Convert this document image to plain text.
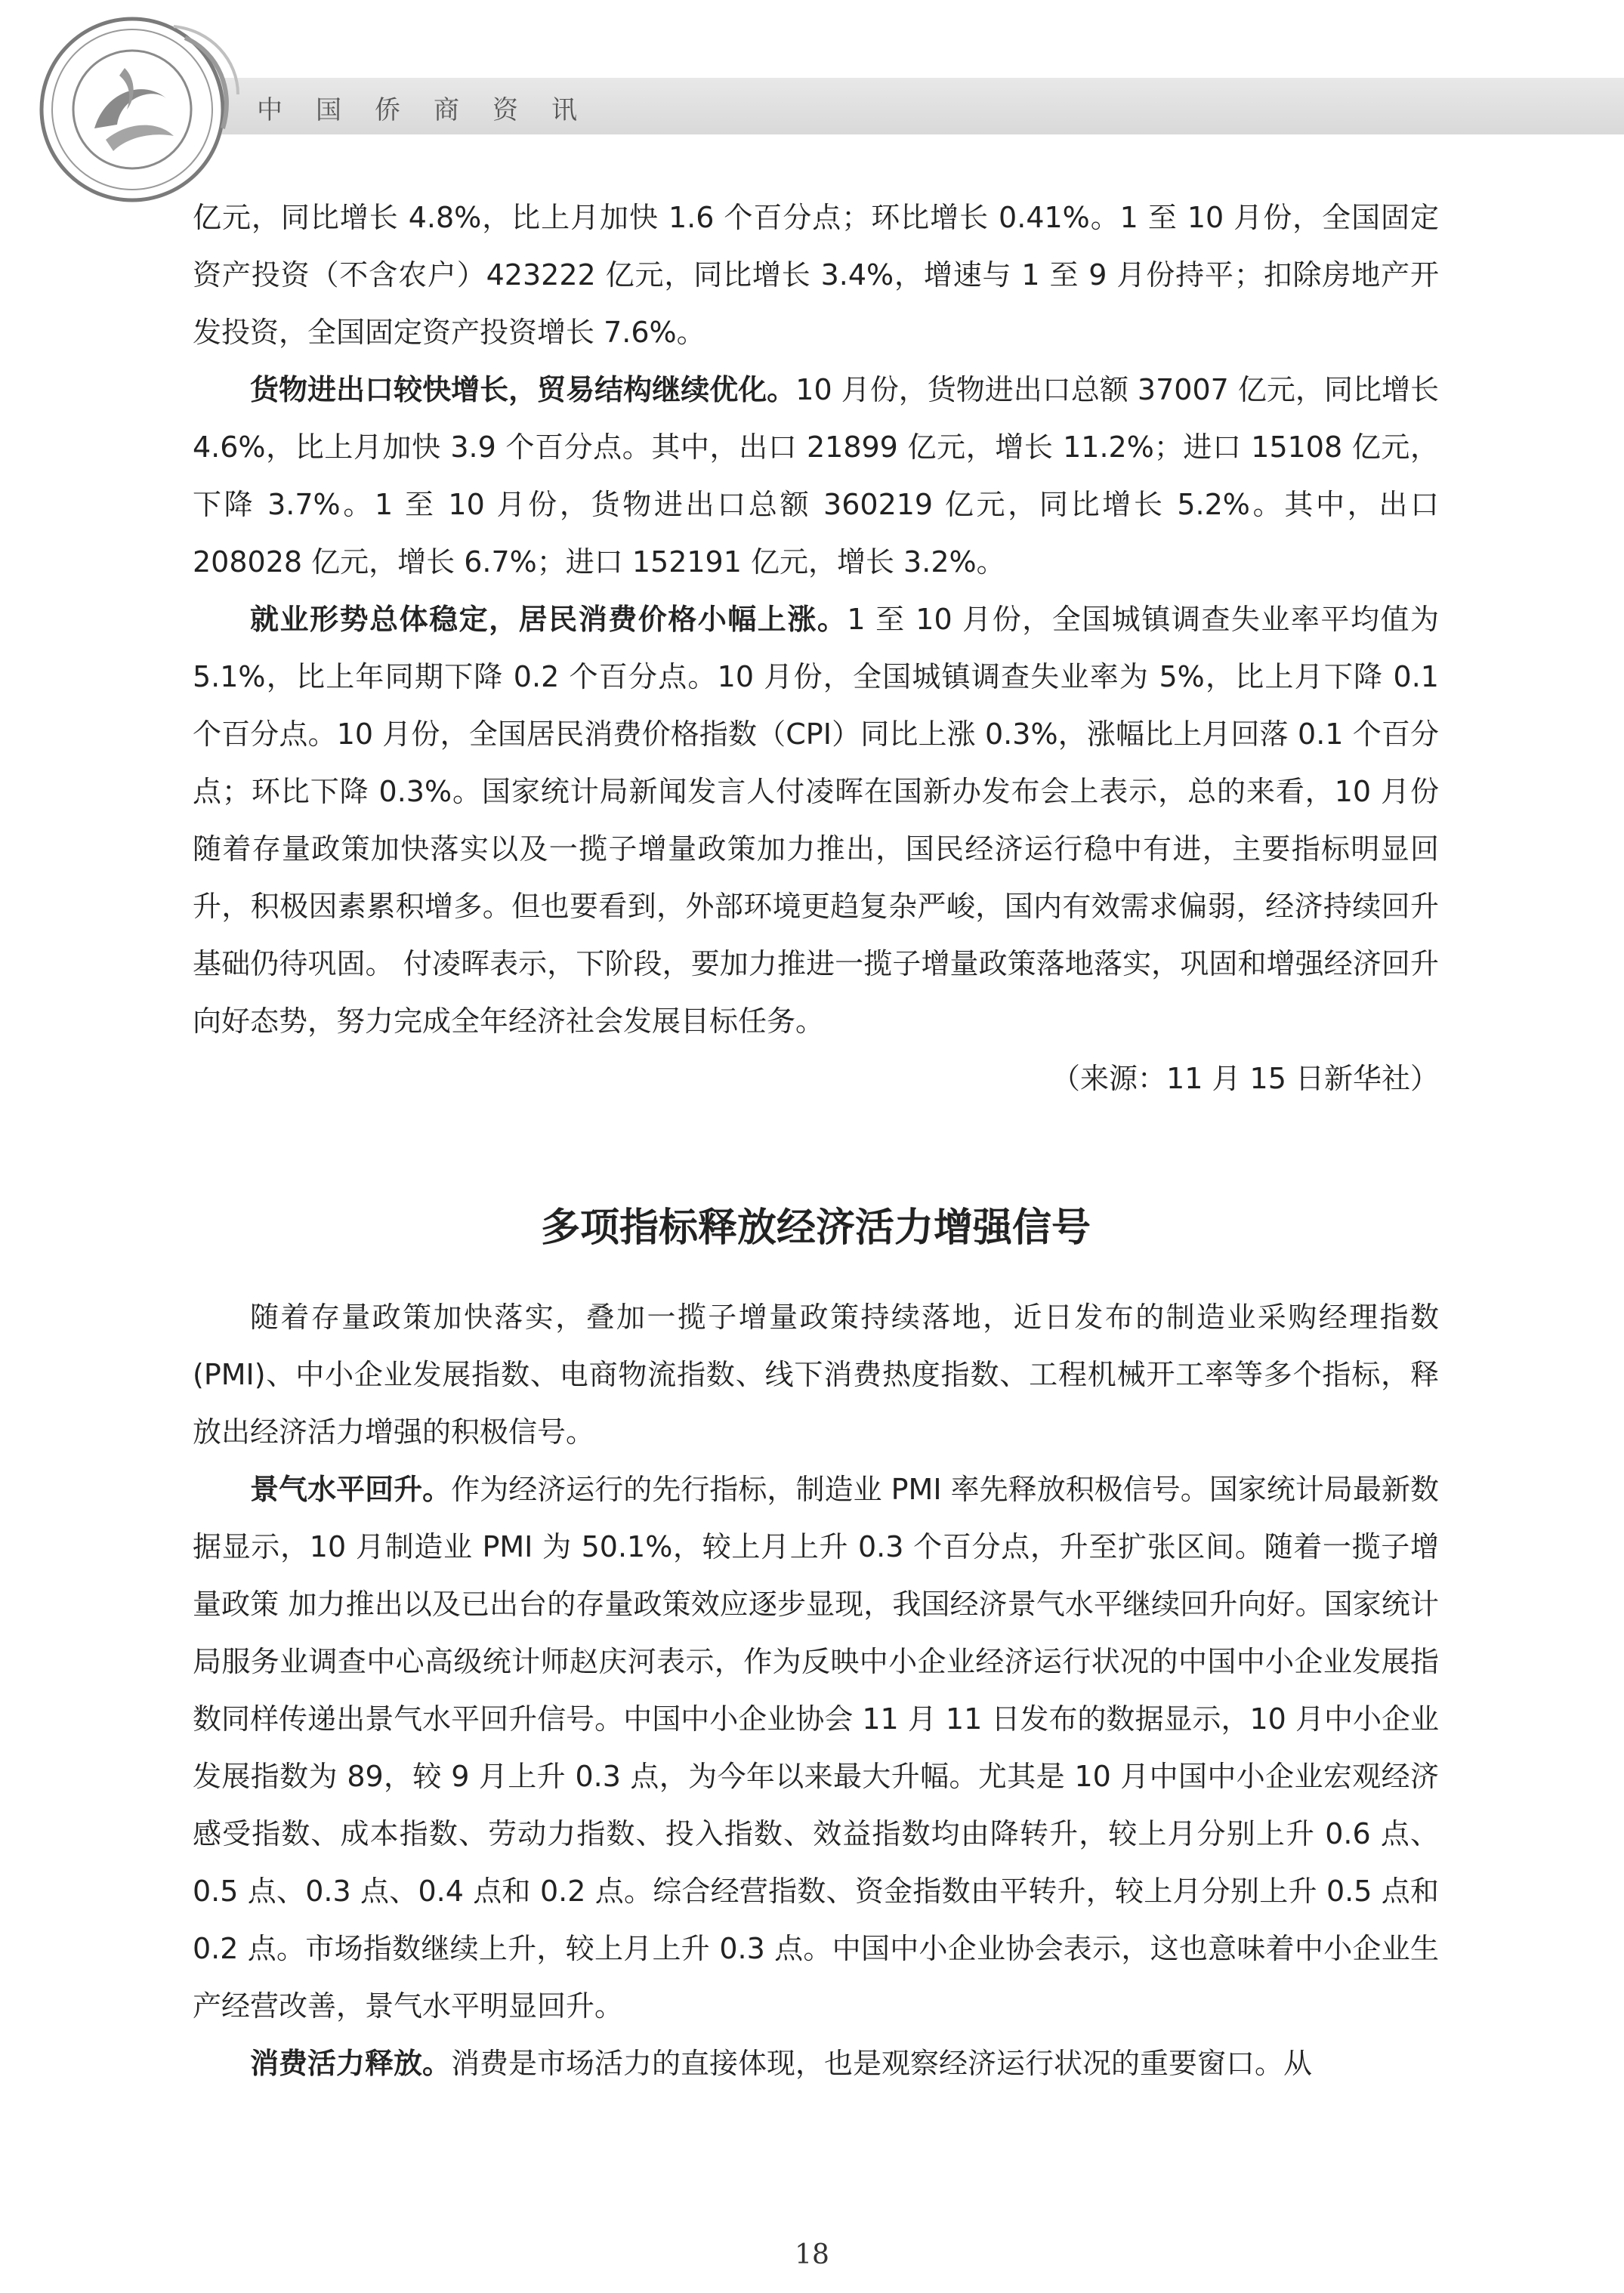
中国侨商资讯

亿元，同比增长 4.8%，比上月加快 1.6 个百分点；环比增长 0.41%。1 至 10 月份，全国固定资产投资（不含农户）423222 亿元，同比增长 3.4%，增速与 1 至 9 月份持平；扣除房地产开发投资，全国固定资产投资增长 7.6%。

货物进出口较快增长，贸易结构继续优化。10 月份，货物进出口总额 37007 亿元，同比增长 4.6%，比上月加快 3.9 个百分点。其中，出口 21899 亿元，增长 11.2%；进口 15108 亿元，下降 3.7%。1 至 10 月份，货物进出口总额 360219 亿元，同比增长 5.2%。其中，出口 208028 亿元，增长 6.7%；进口 152191 亿元，增长 3.2%。

就业形势总体稳定，居民消费价格小幅上涨。1 至 10 月份，全国城镇调查失业率平均值为 5.1%，比上年同期下降 0.2 个百分点。10 月份，全国城镇调查失业率为 5%，比上月下降 0.1 个百分点。10 月份，全国居民消费价格指数（CPI）同比上涨 0.3%，涨幅比上月回落 0.1 个百分点；环比下降 0.3%。国家统计局新闻发言人付凌晖在国新办发布会上表示，总的来看，10 月份随着存量政策加快落实以及一揽子增量政策加力推出，国民经济运行稳中有进，主要指标明显回升，积极因素累积增多。但也要看到，外部环境更趋复杂严峻，国内有效需求偏弱，经济持续回升基础仍待巩固。 付凌晖表示，下阶段，要加力推进一揽子增量政策落地落实，巩固和增强经济回升向好态势，努力完成全年经济社会发展目标任务。

（来源：11 月 15 日新华社）

多项指标释放经济活力增强信号

随着存量政策加快落实，叠加一揽子增量政策持续落地，近日发布的制造业采购经理指数 (PMI)、中小企业发展指数、电商物流指数、线下消费热度指数、工程机械开工率等多个指标，释放出经济活力增强的积极信号。

景气水平回升。作为经济运行的先行指标，制造业 PMI 率先释放积极信号。国家统计局最新数据显示，10 月制造业 PMI 为 50.1%，较上月上升 0.3 个百分点，升至扩张区间。随着一揽子增量政策 加力推出以及已出台的存量政策效应逐步显现，我国经济景气水平继续回升向好。国家统计局服务业调查中心高级统计师赵庆河表示，作为反映中小企业经济运行状况的中国中小企业发展指数同样传递出景气水平回升信号。中国中小企业协会 11 月 11 日发布的数据显示，10 月中小企业发展指数为 89，较 9 月上升 0.3 点，为今年以来最大升幅。尤其是 10 月中国中小企业宏观经济感受指数、成本指数、劳动力指数、投入指数、效益指数均由降转升，较上月分别上升 0.6 点、0.5 点、0.3 点、0.4 点和 0.2 点。综合经营指数、资金指数由平转升，较上月分别上升 0.5 点和 0.2 点。市场指数继续上升，较上月上升 0.3 点。中国中小企业协会表示，这也意味着中小企业生产经营改善，景气水平明显回升。

消费活力释放。消费是市场活力的直接体现，也是观察经济运行状况的重要窗口。从

18
